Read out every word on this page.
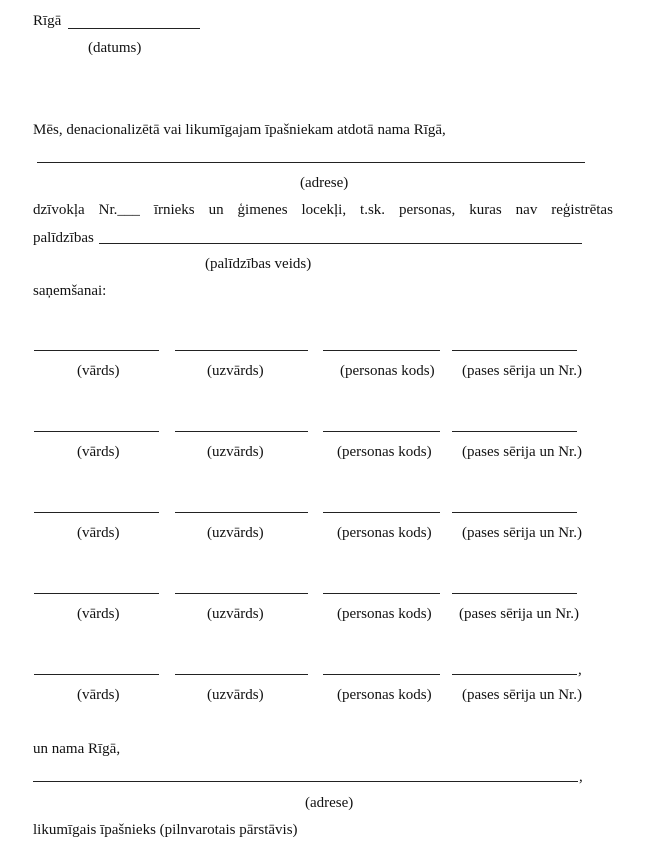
Rīgā
(datums)
Mēs, denacionalizētā vai likumīgajam īpašniekam atdotā nama Rīgā,
(adrese)
dzīvokļa Nr.___ īrnieks un ģimenes locekļi, t.sk. personas, kuras nav reģistrētas
palīdzības
(palīdzības veids)
saņemšanai:
(vārds)	(uzvārds)	(personas kods) (pases sērija un Nr.)
(vārds)	(uzvārds)	(personas kods) (pases sērija un Nr.)
(vārds)	(uzvārds)	(personas kods) (pases sērija un Nr.)
(vārds)	(uzvārds)	(personas kods) (pases sērija un Nr.)
,
(vārds)	(uzvārds)	(personas kods) (pases sērija un Nr.)
un nama Rīgā,
,
(adrese)
likumīgais īpašnieks (pilnvarotais pārstāvis)
